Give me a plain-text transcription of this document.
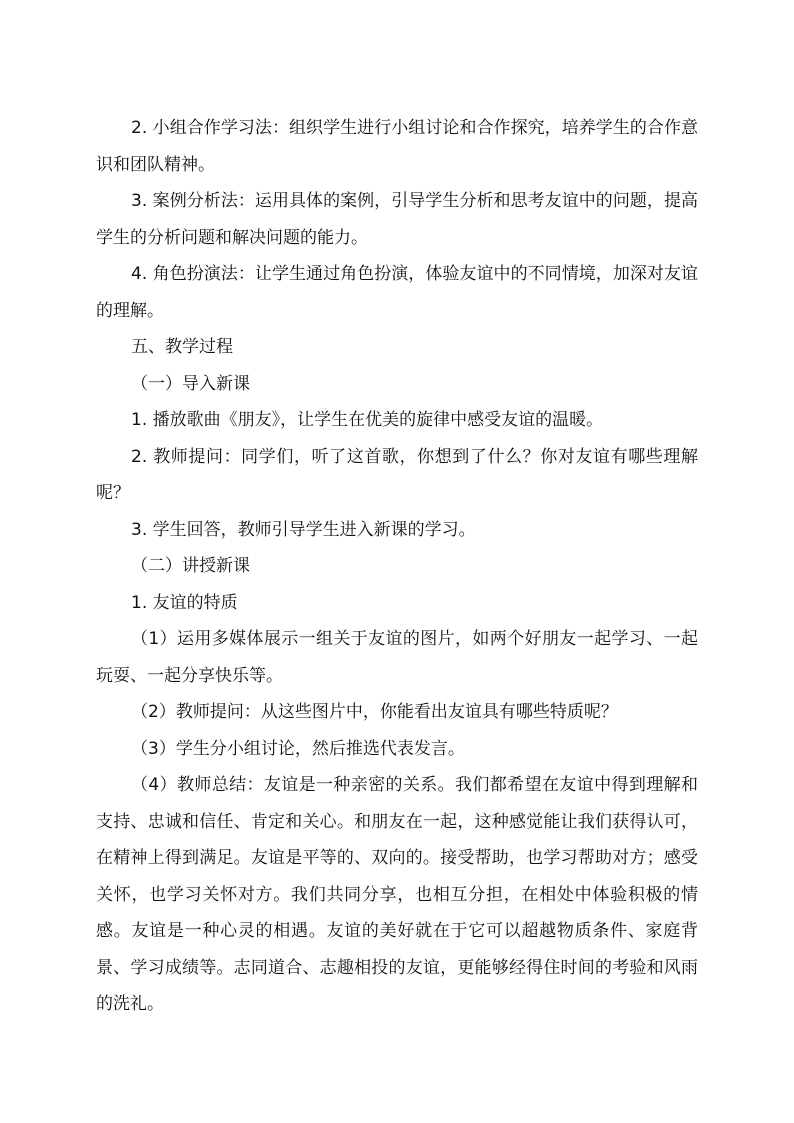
2. 小组合作学习法：组织学生进行小组讨论和合作探究，培养学生的合作意识和团队精神。

3. 案例分析法：运用具体的案例，引导学生分析和思考友谊中的问题，提高学生的分析问题和解决问题的能力。

4. 角色扮演法：让学生通过角色扮演，体验友谊中的不同情境，加深对友谊的理解。

五、教学过程

（一）导入新课

1. 播放歌曲《朋友》，让学生在优美的旋律中感受友谊的温暖。

2. 教师提问：同学们，听了这首歌，你想到了什么？你对友谊有哪些理解呢？

3. 学生回答，教师引导学生进入新课的学习。

（二）讲授新课

1. 友谊的特质

（1）运用多媒体展示一组关于友谊的图片，如两个好朋友一起学习、一起玩耍、一起分享快乐等。

（2）教师提问：从这些图片中，你能看出友谊具有哪些特质呢？

（3）学生分小组讨论，然后推选代表发言。

（4）教师总结：友谊是一种亲密的关系。我们都希望在友谊中得到理解和支持、忠诚和信任、肯定和关心。和朋友在一起，这种感觉能让我们获得认可，在精神上得到满足。友谊是平等的、双向的。接受帮助，也学习帮助对方；感受关怀，也学习关怀对方。我们共同分享，也相互分担，在相处中体验积极的情感。友谊是一种心灵的相遇。友谊的美好就在于它可以超越物质条件、家庭背景、学习成绩等。志同道合、志趣相投的友谊，更能够经得住时间的考验和风雨的洗礼。
